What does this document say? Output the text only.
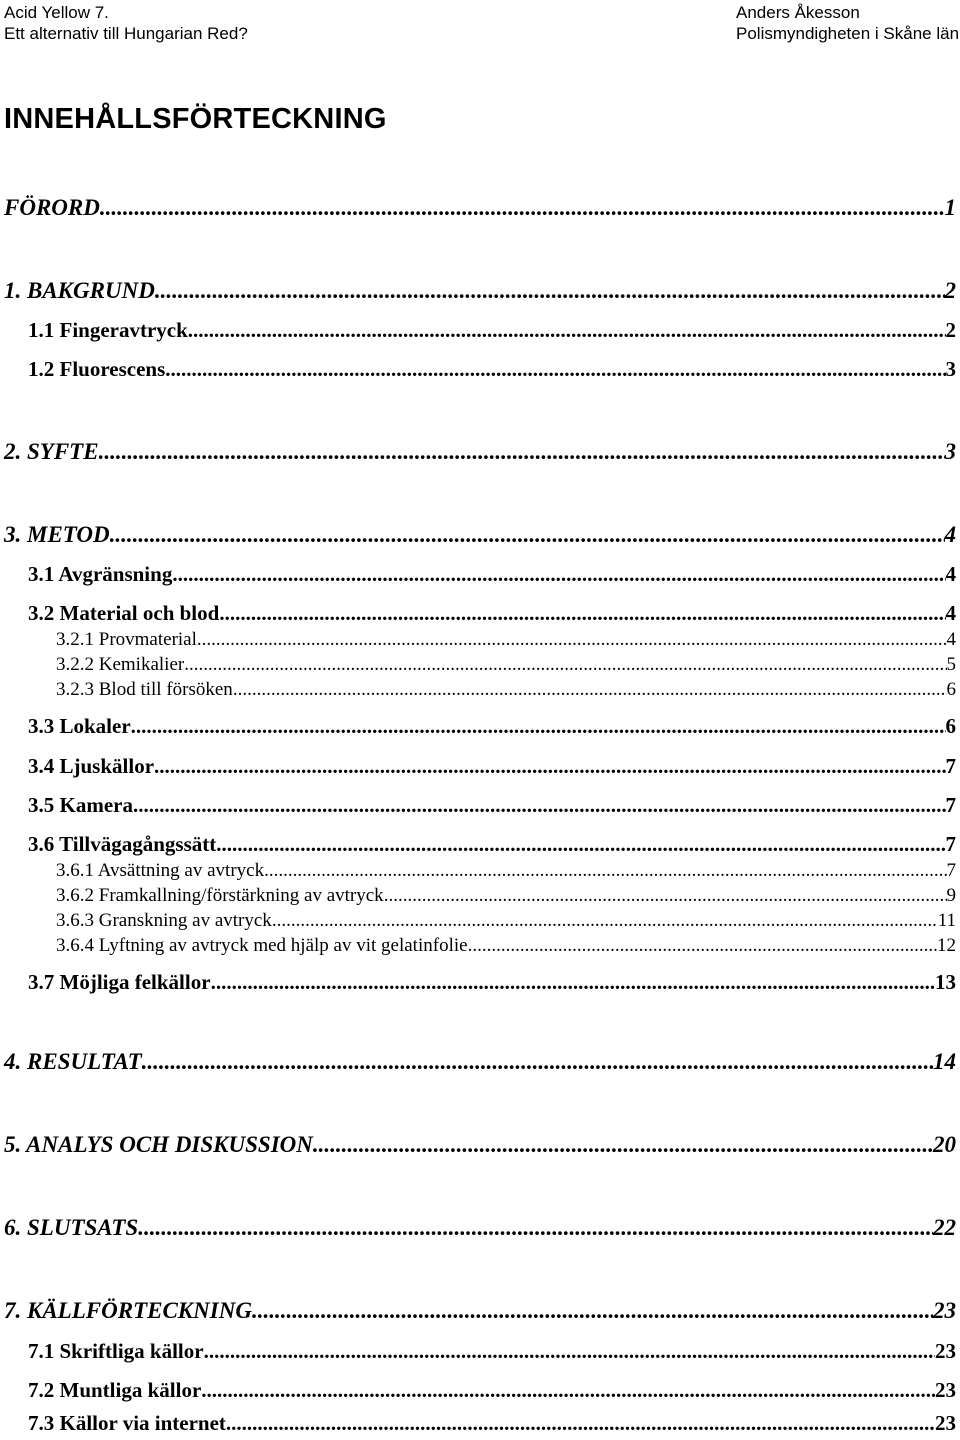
Acid Yellow 7.
Ett alternativ till Hungarian Red?
Anders Åkesson
Polismyndigheten i Skåne län
INNEHÅLLSFÖRTECKNING
FÖRORD .....	1
1. BAKGRUND .....	2
1.1 Fingeravtryck .....	2
1.2 Fluorescens .....	3
2. SYFTE .....	3
3. METOD .....	4
3.1 Avgränsning .....	4
3.2 Material och blod .....	4
3.2.1 Provmaterial .....	4
3.2.2 Kemikalier .....	5
3.2.3 Blod till försöken .....	6
3.3 Lokaler .....	6
3.4 Ljuskällor .....	7
3.5 Kamera .....	7
3.6 Tillvägagångssätt .....	7
3.6.1 Avsättning av avtryck .....	7
3.6.2 Framkallning/förstärkning av avtryck .....	9
3.6.3 Granskning av avtryck .....	11
3.6.4 Lyftning av avtryck med hjälp av vit gelatinfolie .....	12
3.7 Möjliga felkällor .....	13
4. RESULTAT .....	14
5. ANALYS OCH DISKUSSION .....	20
6. SLUTSATS .....	22
7. KÄLLFÖRTECKNING .....	23
7.1 Skriftliga källor .....	23
7.2 Muntliga källor .....	23
7.3 Källor via internet .....	23
